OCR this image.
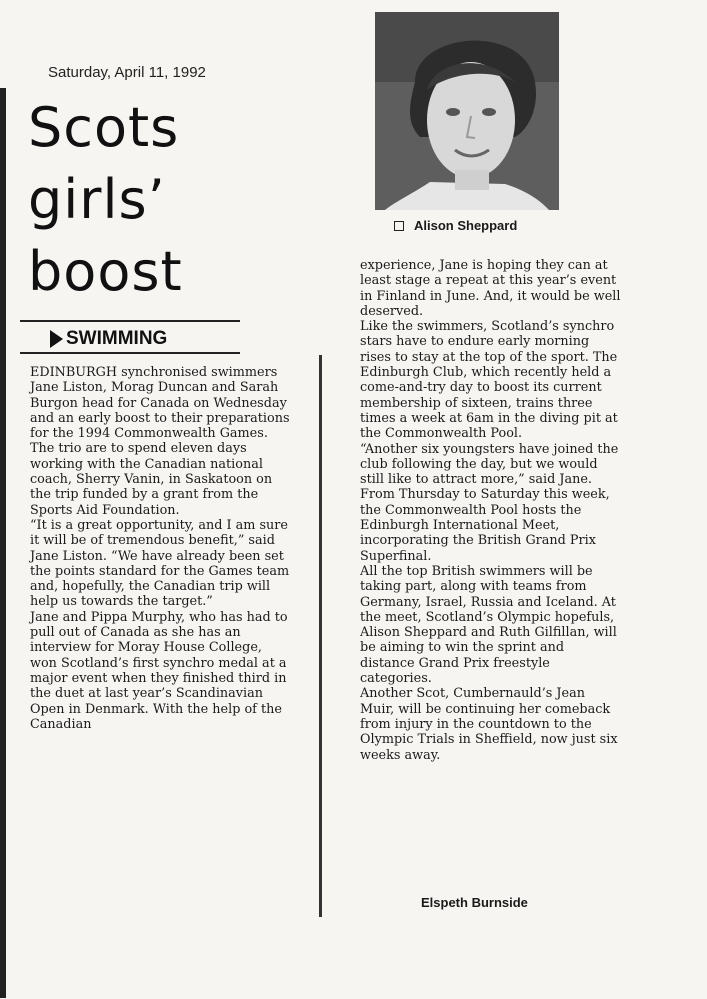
Saturday, April 11, 1992
Scots
girls’
boost
SWIMMING

EDINBURGH synchronised swimmers Jane Liston, Morag Duncan and Sarah Burgon head for Canada on Wednesday and an early boost to their preparations for the 1994 Commonwealth Games.

The trio are to spend eleven days working with the Canadian national coach, Sherry Vanin, in Saskatoon on the trip funded by a grant from the Sports Aid Foundation.

“It is a great opportunity, and I am sure it will be of tremendous benefit,” said Jane Liston. “We have already been set the points standard for the Games team and, hopefully, the Canadian trip will help us towards the target.”

Jane and Pippa Murphy, who has had to pull out of Canada as she has an interview for Moray House College, won Scotland’s first synchro medal at a major event when they finished third in the duet at last year’s Scandinavian Open in Denmark. With the help of the Canadian

Alison Sheppard

experience, Jane is hoping they can at least stage a repeat at this year’s event in Finland in June. And, it would be well deserved.

Like the swimmers, Scotland’s synchro stars have to endure early morning rises to stay at the top of the sport. The Edinburgh Club, which recently held a come-and-try day to boost its current membership of sixteen, trains three times a week at 6am in the diving pit at the Commonwealth Pool.

“Another six youngsters have joined the club following the day, but we would still like to attract more,” said Jane.

From Thursday to Saturday this week, the Commonwealth Pool hosts the Edinburgh International Meet, incorporating the British Grand Prix Superfinal.

All the top British swimmers will be taking part, along with teams from Germany, Israel, Russia and Iceland. At the meet, Scotland’s Olympic hopefuls, Alison Sheppard and Ruth Gilfillan, will be aiming to win the sprint and distance Grand Prix freestyle categories.

Another Scot, Cumbernauld’s Jean Muir, will be continuing her comeback from injury in the countdown to the Olympic Trials in Sheffield, now just six weeks away.

Elspeth Burnside
